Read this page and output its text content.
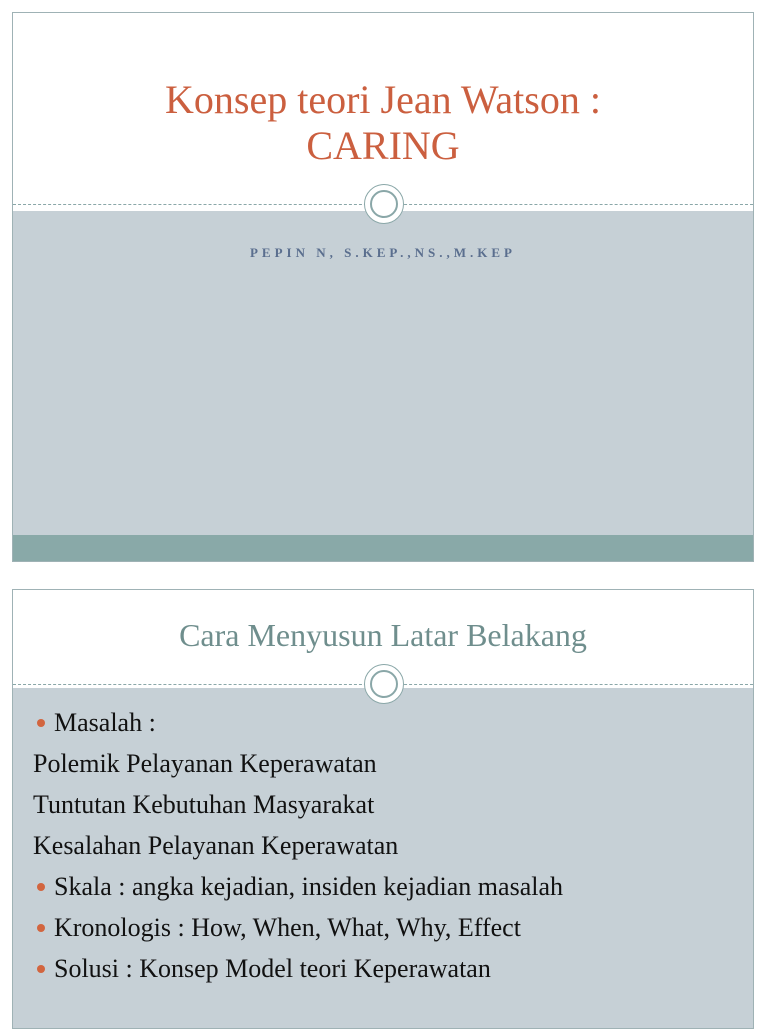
Konsep teori Jean Watson :
CARING

PEPIN N, S.KEP.,NS.,M.KEP

Cara Menyusun Latar Belakang
Masalah :
Polemik Pelayanan Keperawatan
Tuntutan Kebutuhan Masyarakat
Kesalahan Pelayanan Keperawatan
Skala : angka kejadian, insiden kejadian masalah
Kronologis : How, When, What, Why, Effect
Solusi : Konsep Model teori Keperawatan
